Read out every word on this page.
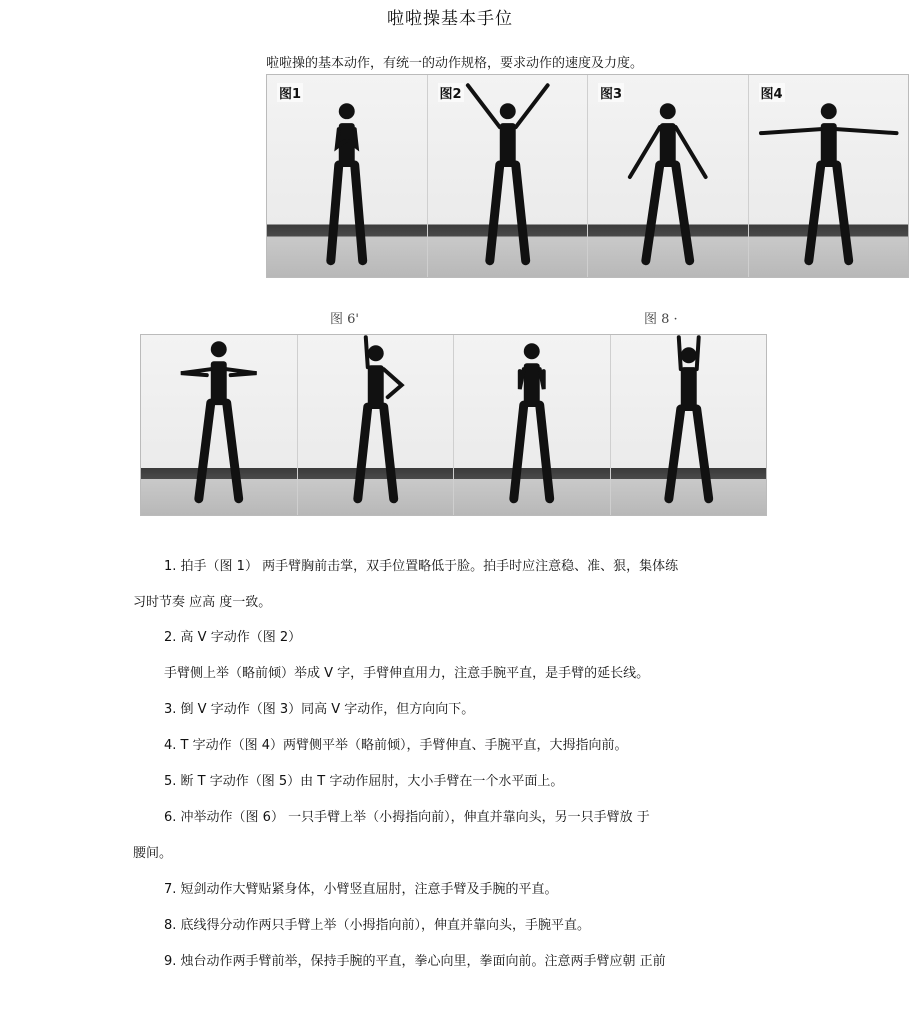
啦啦操基本手位
啦啦操的基本动作，有统一的动作规格，要求动作的速度及力度。
图1	图2	图3	图4
图 6'	图 8 ·
1. 拍手（图 1） 两手臂胸前击掌，双手位置略低于脸。拍手时应注意稳、准、狠，集体练
习时节奏 应高 度一致。
2. 高 V 字动作（图 2）
手臂侧上举（略前倾）举成 V 字，手臂伸直用力，注意手腕平直，是手臂的延长线。
3. 倒 V 字动作（图 3）同高 V 字动作，但方向向下。
4. T 字动作（图 4）两臂侧平举（略前倾），手臂伸直、手腕平直，大拇指向前。
5. 断 T 字动作（图 5）由 T 字动作屈肘，大小手臂在一个水平面上。
6. 冲举动作（图 6） 一只手臂上举（小拇指向前），伸直并靠向头，另一只手臂放 于
腰间。
7. 短剑动作大臂贴紧身体，小臂竖直屈肘，注意手臂及手腕的平直。
8. 底线得分动作两只手臂上举（小拇指向前），伸直并靠向头，手腕平直。
9. 烛台动作两手臂前举，保持手腕的平直，拳心向里，拳面向前。注意两手臂应朝 正前
